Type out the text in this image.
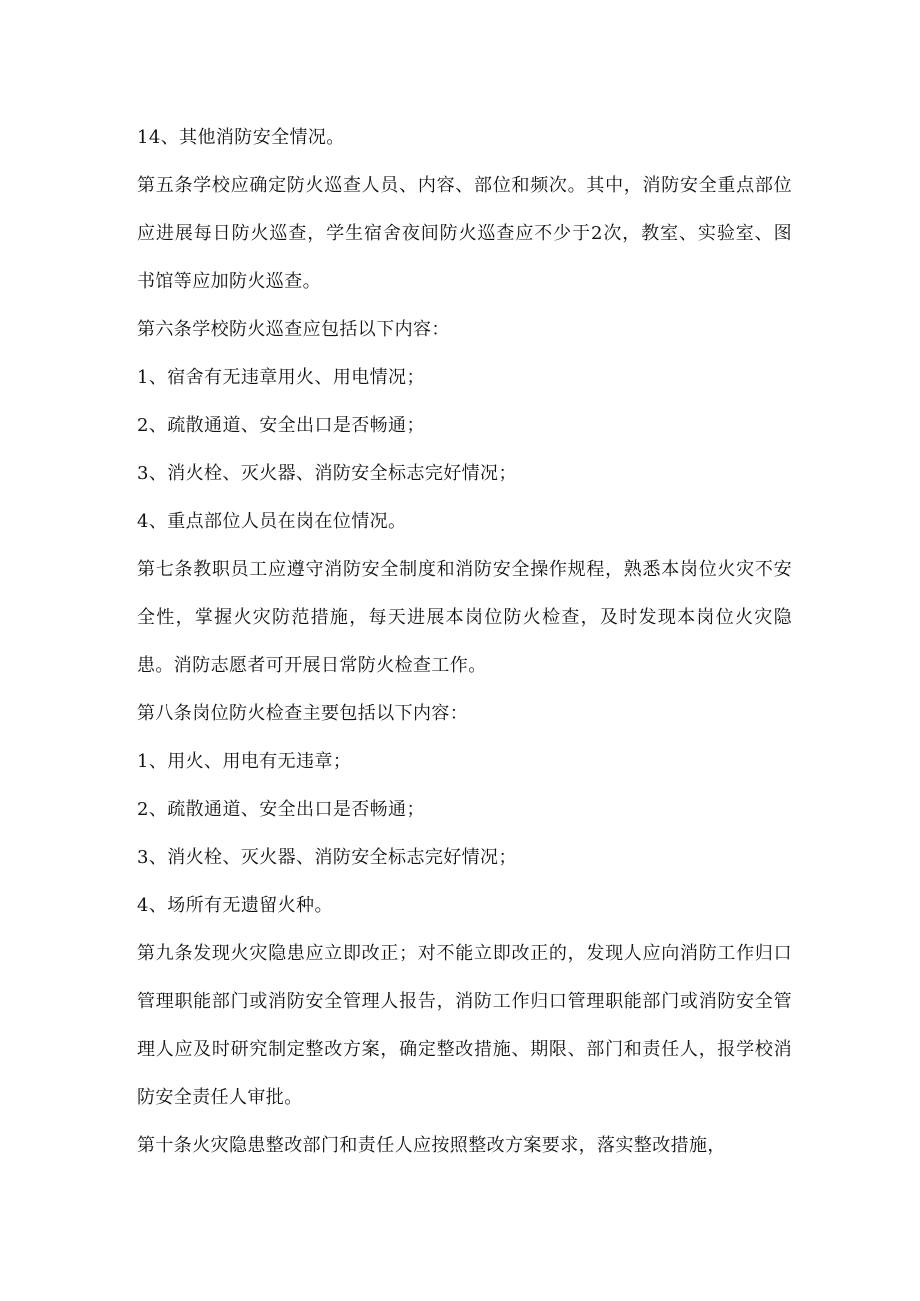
14、其他消防安全情况。

第五条学校应确定防火巡查人员、内容、部位和频次。其中，消防安全重点部位应进展每日防火巡查，学生宿舍夜间防火巡查应不少于2次，教室、实验室、图书馆等应加防火巡查。

第六条学校防火巡查应包括以下内容：

1、宿舍有无违章用火、用电情况；

2、疏散通道、安全出口是否畅通；

3、消火栓、灭火器、消防安全标志完好情况；

4、重点部位人员在岗在位情况。

第七条教职员工应遵守消防安全制度和消防安全操作规程，熟悉本岗位火灾不安全性，掌握火灾防范措施，每天进展本岗位防火检查，及时发现本岗位火灾隐患。消防志愿者可开展日常防火检查工作。

第八条岗位防火检查主要包括以下内容：

1、用火、用电有无违章；

2、疏散通道、安全出口是否畅通；

3、消火栓、灭火器、消防安全标志完好情况；

4、场所有无遗留火种。

第九条发现火灾隐患应立即改正；对不能立即改正的，发现人应向消防工作归口管理职能部门或消防安全管理人报告，消防工作归口管理职能部门或消防安全管理人应及时研究制定整改方案，确定整改措施、期限、部门和责任人，报学校消防安全责任人审批。

第十条火灾隐患整改部门和责任人应按照整改方案要求，落实整改措施，
